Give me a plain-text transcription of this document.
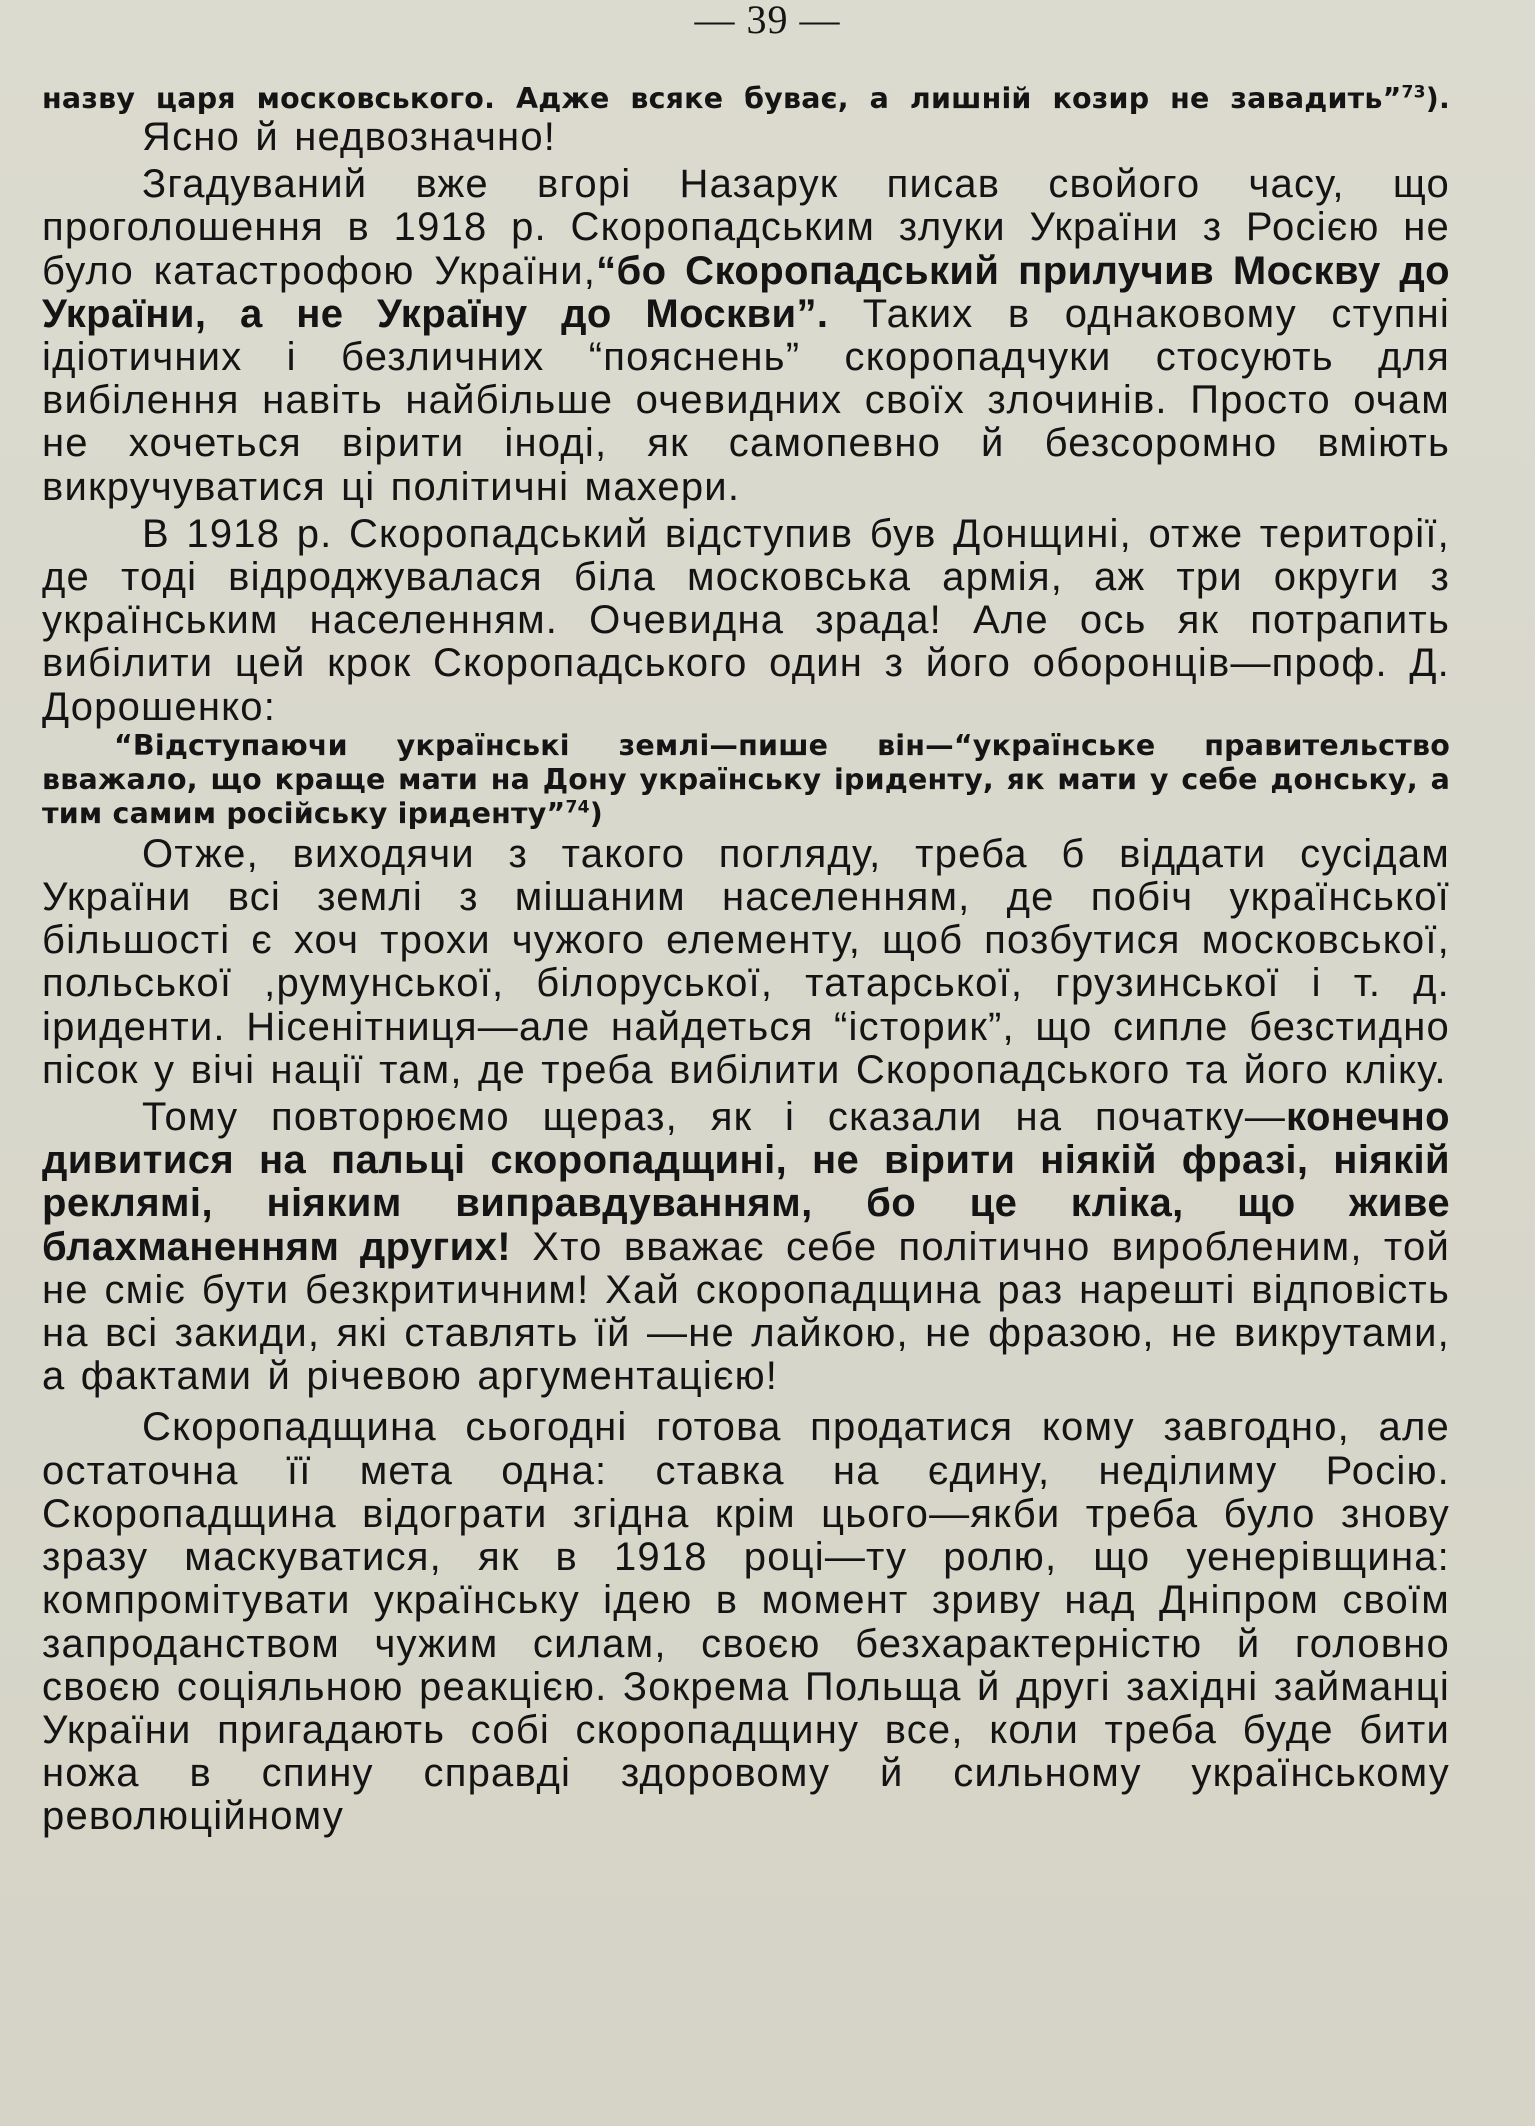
— 39 —

назву царя московського. Адже всяке буває, а лишній козир не завадить”$^{73}$).

Ясно й недвозначно!

Згадуваний вже вгорі Назарук писав свойого часу, що проголошення в 1918 р. Скоропадським злуки України з Росією не було катастрофою України,“бо Скоропадський прилучив Москву до України, а не Україну до Москви”. Таких в однаковому ступні ідіотичних і безличних “пояснень” скоропадчуки стосують для вибілення навіть найбільше очевидних своїх злочинів. Просто очам не хочеться вірити іноді, як самопевно й безсоромно вміють викручуватися ці політичні махери.

В 1918 р. Скоропадський відступив був Донщині, отже території, де тоді відроджувалася біла московська армія, аж три округи з українським населенням. Очевидна зрада! Але ось як потрапить вибілити цей крок Скоропадського один з його оборонців—проф. Д. Дорошенко:

“Відступаючи українські землі—пише він—“українське правительство вважало, що краще мати на Дону українську іриденту, як мати у себе донську, а тим самим російську іриденту”$^{74}$)

Отже, виходячи з такого погляду, треба б віддати сусідам України всі землі з мішаним населенням, де побіч української більшості є хоч трохи чужого елементу, щоб позбутися московської, польської ,румунської, білоруської, татарської, грузинської і т. д. іриденти. Нісенітниця—але найдеться “історик”, що сипле безстидно пісок у вічі нації там, де треба вибілити Скоропадського та його кліку.

Тому повторюємо щераз, як і сказали на початку—конечно дивитися на пальці скоропадщині, не вірити ніякій фразі, ніякій реклямі, ніяким виправдуванням, бо це кліка, що живе блахманенням других! Хто вважає себе політично виробленим, той не сміє бути безкритичним! Хай скоропадщина раз нарешті відповість на всі закиди, які ставлять їй —не лайкою, не фразою, не викрутами, а фактами й річевою аргументацією!

Скоропадщина сьогодні готова продатися кому завгодно, але остаточна її мета одна: ставка на єдину, неділиму Росію. Скоропадщина відограти згідна крім цього—якби треба було знову зразу маскуватися, як в 1918 році—ту ролю, що уенерівщина: компромітувати українську ідею в момент зриву над Дніпром своїм запроданством чужим силам, своєю безхарактерністю й головно своєю соціяльною реакцією. Зокрема Польща й другі західні займанці України пригадають собі скоропадщину все, коли треба буде бити ножа в спину справді здоровому й сильному українському революційному
